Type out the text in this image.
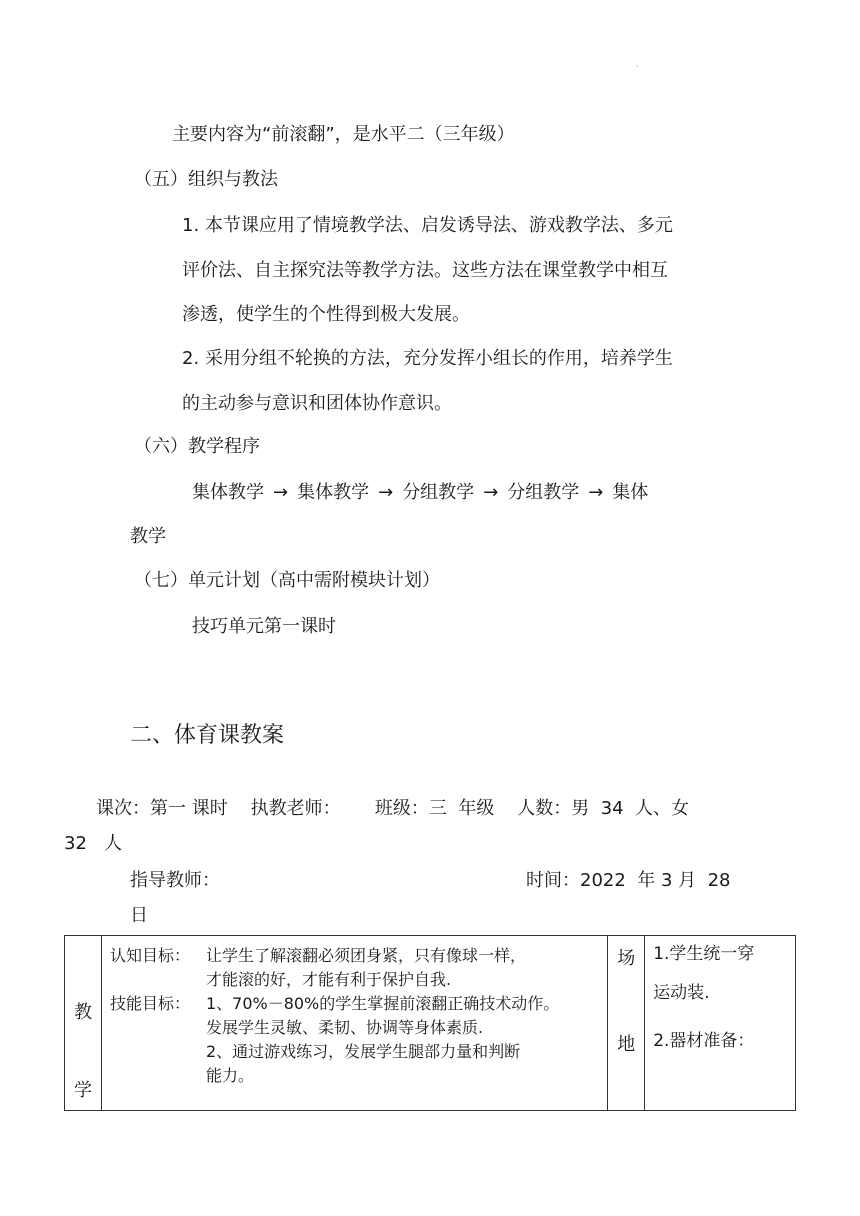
·
主要内容为“前滚翻”，是水平二（三年级）
（五）组织与教法
1. 本节课应用了情境教学法、启发诱导法、游戏教学法、多元
评价法、自主探究法等教学方法。这些方法在课堂教学中相互
渗透，使学生的个性得到极大发展。
2. 采用分组不轮换的方法，充分发挥小组长的作用，培养学生
的主动参与意识和团体协作意识。
（六）教学程序
集体教学 → 集体教学 → 分组教学 → 分组教学 → 集体
教学
（七）单元计划（高中需附模块计划）
技巧单元第一课时
二、体育课教案
课次：第一 课时    执教老师：      班级：三  年级    人数：男  34  人、女
32   人
指导教师：	时间：2022  年 3 月  28
日
教
学

认知目标： 让学生了解滚翻必须团身紧，只有像球一样，
才能滚的好，才能有利于保护自我.
技能目标： 1、70%－80%的学生掌握前滚翻正确技术动作。
发展学生灵敏、柔韧、协调等身体素质.
2、通过游戏练习，发展学生腿部力量和判断
能力。

场
地

1.学生统一穿
运动装.
2.器材准备：
